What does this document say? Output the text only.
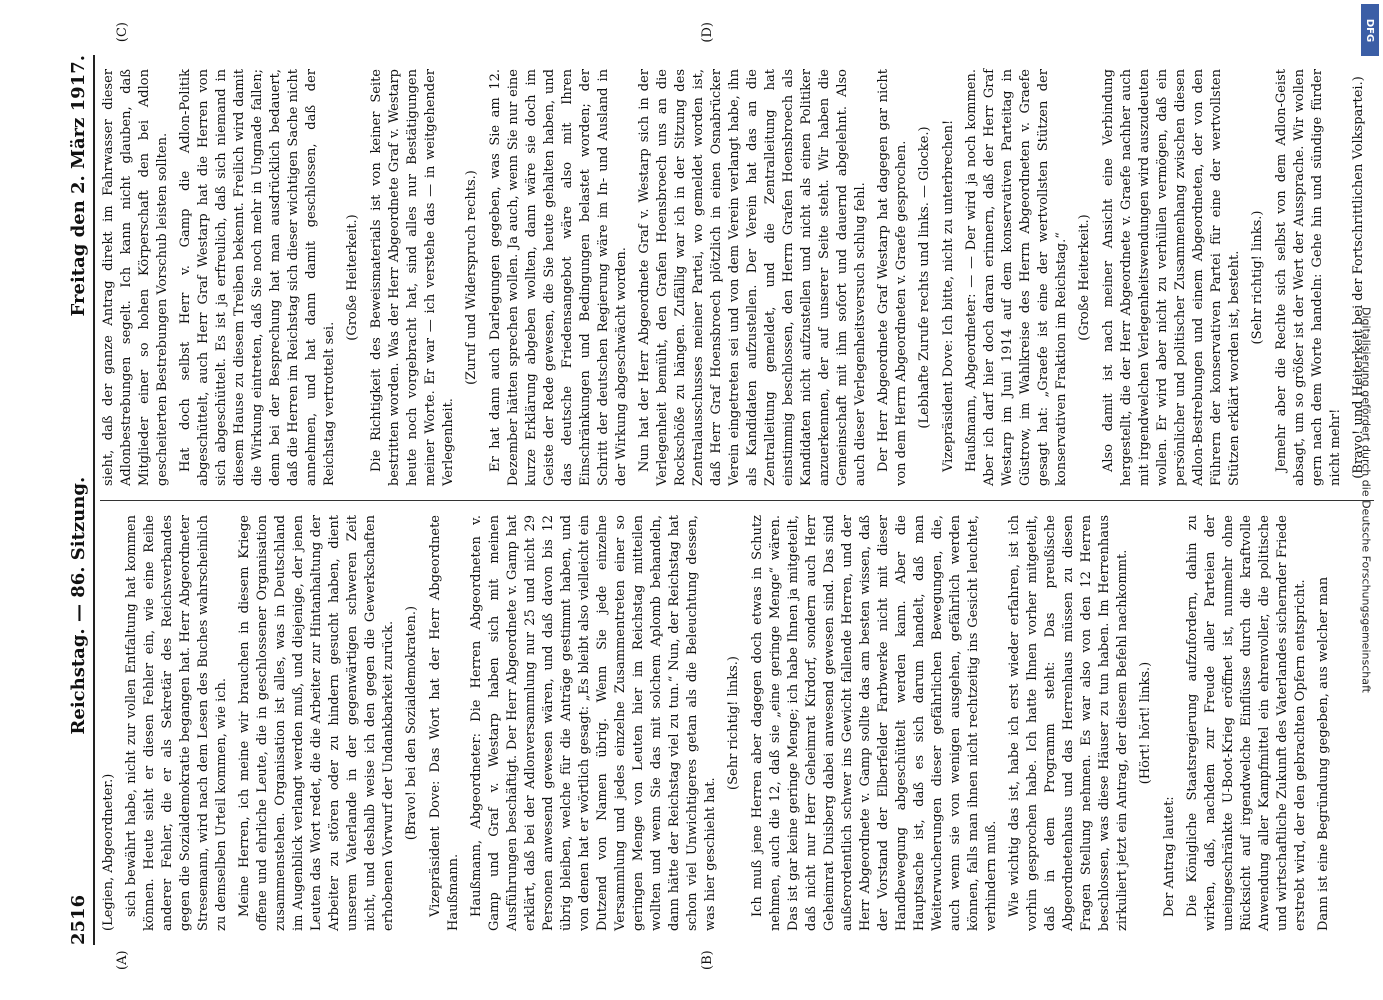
2516
Reichstag. — 86. Sitzung.
Freitag den 2. März 1917.

(Legien, Abgeordneter.) sich bewährt habe, nicht zur vollen Entfaltung hat kommen können. Heute sieht er diesen Fehler ein, wie eine Reihe anderer Fehler, die er als Sekretär des Reichsverbandes gegen die Sozialdemokratie begangen hat. Herr Abgeordneter Stresemann, wird nach dem Lesen des Buches wahrscheinlich zu demselben Urteil kommen, wie ich. Meine Herren, ich meine wir brauchen in diesem Kriege offene und ehrliche Leute, die in geschlossener Organisation zusammenstehen. Organisation ist alles, was in Deutschland im Augenblick verlangt werden muß, und diejenige, der jenen Leuten das Wort redet, die die Arbeiter zur Hintanhaltung der Arbeiter zu stören oder zu hindern gesucht haben, dient unserem Vaterlande in der gegenwärtigen schweren Zeit nicht, und deshalb weise ich den gegen die Gewerkschaften erhobenen Vorwurf der Undankbarkeit zurück. (Bravo! bei den Sozialdemokraten.) Vizepräsident Dove: Das Wort hat der Herr Abgeordnete Haußmann. Haußmann, Abgeordneter: Die Herren Abgeordneten v. Gamp und Graf v. Westarp haben sich mit meinen Ausführungen beschäftigt. Der Herr Abgeordnete v. Gamp hat erklärt, daß bei der Adlonversammlung nur 25 und nicht 29 Personen anwesend gewesen wären, und daß davon bis 12 übrig bleiben, welche für die Anträge gestimmt haben, und von denen hat er wörtlich gesagt: „Es bleibt also vielleicht ein Dutzend von Namen übrig. Wenn Sie jede einzelne Versammlung und jedes einzelne Zusammentreten einer so geringen Menge von Leuten hier im Reichstag mitteilen wollten und wenn Sie das mit solchem Aplomb behandeln, dann hätte der Reichstag viel zu tun.“ Nun, der Reichstag hat schon viel Unwichtigeres getan als die Beleuchtung dessen, was hier geschieht hat.

(Sehr richtig! links.) Ich muß jene Herren aber dagegen doch etwas in Schutz nehmen, auch die 12, daß sie „eine geringe Menge“ wären. Das ist gar keine geringe Menge; ich habe Ihnen ja mitgeteilt, daß nicht nur Herr Geheimrat Kirdorf, sondern auch Herr Geheimrat Duisberg dabei anwesend gewesen sind. Das sind außerordentlich schwer ins Gewicht fallende Herren, und der Herr Abgeordnete v. Gamp sollte das am besten wissen, daß der Vorstand der Elberfelder Farbwerke nicht mit dieser Handbewegung abgeschüttelt werden kann. Aber die Hauptsache ist, daß es sich darum handelt, daß man Weiterwucherungen dieser gefährlichen Bewegungen, die, auch wenn sie von wenigen ausgehen, gefährlich werden können, falls man ihnen nicht rechtzeitig ins Gesicht leuchtet, verhindern muß. Wie wichtig das ist, habe ich erst wieder erfahren, ist ich vorhin gesprochen habe. Ich hatte Ihnen vorher mitgeteilt, daß in dem Programm steht: Das preußische Abgeordnetenhaus und das Herrenhaus müssen zu diesen Fragen Stellung nehmen. Es war also von den 12 Herren beschlossen, was diese Häuser zu tun haben. Im Herrenhaus zirkuliert jetzt ein Antrag, der diesem Befehl nachkommt. (Hört! hört! links.)

Der Antrag lautet: Die Königliche Staatsregierung aufzufordern, dahin zu wirken, daß, nachdem zur Freude aller Parteien der uneingeschränkte U-Boot-Krieg eröffnet ist, nunmehr ohne Rücksicht auf irgendwelche Einflüsse durch die kraftvolle Anwendung aller Kampfmittel ein ehrenvoller, die politische und wirtschaftliche Zukunft des Vaterlandes sichernder Friede erstrebt wird, der den gebrachten Opfern entspricht. Dann ist eine Begründung gegeben, aus welcher man

sieht, daß der ganze Antrag direkt im Fahrwasser dieser Adlonbestrebungen segelt. Ich kann nicht glauben, daß Mitglieder einer so hohen Körperschaft den bei Adlon gescheiterten Bestrebungen Vorschub leisten sollten. Hat doch selbst Herr v. Gamp die Adlon-Politik abgeschüttelt, auch Herr Graf Westarp hat die Herren von sich abgeschüttelt. Es ist ja erfreulich, daß sich niemand in diesem Hause zu diesem Treiben bekennt. Freilich wird damit die Wirkung eintreten, daß Sie noch mehr in Ungnade fallen; denn bei der Besprechung hat man ausdrücklich bedauert, daß die Herren im Reichstag sich dieser wichtigen Sache nicht annehmen, und hat dann damit geschlossen, daß der Reichstag vertrottelt sei.

(Große Heiterkeit.) Die Richtigkeit des Beweismaterials ist von keiner Seite bestritten worden. Was der Herr Abgeordnete Graf v. Westarp heute noch vorgebracht hat, sind alles nur Bestätigungen meiner Worte. Er war — ich verstehe das — in weitgehender Verlegenheit.

(Zuruf und Widerspruch rechts.) Er hat dann auch Darlegungen gegeben, was Sie am 12. Dezember hätten sprechen wollen. Ja auch, wenn Sie nur eine kurze Erklärung abgeben wollten, dann wäre sie doch im Geiste der Rede gewesen, die Sie heute gehalten haben, und das deutsche Friedensangebot wäre also mit Ihren Einschränkungen und Bedingungen belastet worden; der Schritt der deutschen Regierung wäre im In- und Ausland in der Wirkung abgeschwächt worden. Nun hat der Herr Abgeordnete Graf v. Westarp sich in der Verlegenheit bemüht, den Grafen Hoensbroech uns an die Rockschöße zu hängen. Zufällig war ich in der Sitzung des Zentralausschusses meiner Partei, wo gemeldet worden ist, daß Herr Graf Hoensbroech plötzlich in einen Osnabrücker Verein eingetreten sei und von dem Verein verlangt habe, ihn als Kandidaten aufzustellen. Der Verein hat das an die Zentralleitung gemeldet, und die Zentralleitung hat einstimmig beschlossen, den Herrn Grafen Hoensbroech als Kandidaten nicht aufzustellen und nicht als einen Politiker anzuerkennen, der auf unserer Seite steht. Wir haben die Gemeinschaft mit ihm sofort und dauernd abgelehnt. Also auch dieser Verlegenheitsversuch schlug fehl. Der Herr Abgeordnete Graf Westarp hat dagegen gar nicht von dem Herrn Abgeordneten v. Graefe gesprochen. (Lebhafte Zurufe rechts und links. — Glocke.) Vizepräsident Dove: Ich bitte, nicht zu unterbrechen! Haußmann, Abgeordneter: — — Der wird ja noch kommen. Aber ich darf hier doch daran erinnern, daß der Herr Graf Westarp im Juni 1914 auf dem konservativen Parteitag in Güstrow, im Wahlkreise des Herrn Abgeordneten v. Graefe gesagt hat: „Graefe ist eine der wertvollsten Stützen der konservativen Fraktion im Reichstag.“ (Große Heiterkeit.) Also damit ist nach meiner Ansicht eine Verbindung hergestellt, die der Herr Abgeordnete v. Graefe nachher auch mit irgendwelchen Verlegenheitswendungen wird auszudeuten wollen. Er wird aber nicht zu verhüllen vermögen, daß ein persönlicher und politischer Zusammenhang zwischen diesen Adlon-Bestrebungen und einem Abgeordneten, der von den Führern der konservativen Partei für eine der wertvollsten Stützen erklärt worden ist, besteht. (Sehr richtig! links.) Jemehr aber die Rechte sich selbst von dem Adlon-Geist absagt, um so größer ist der Wert der Aussprache. Wir wollen gern nach dem Worte handeln: Gehe hin und sündige fürder nicht mehr! (Bravo! und Heiterkeit bei der Fortschrittlichen Volkspartei.)

(A)	(B)
(C)	(D)	DFG
Digitalisierung gefördert durch die Deutsche Forschungsgemeinschaft
